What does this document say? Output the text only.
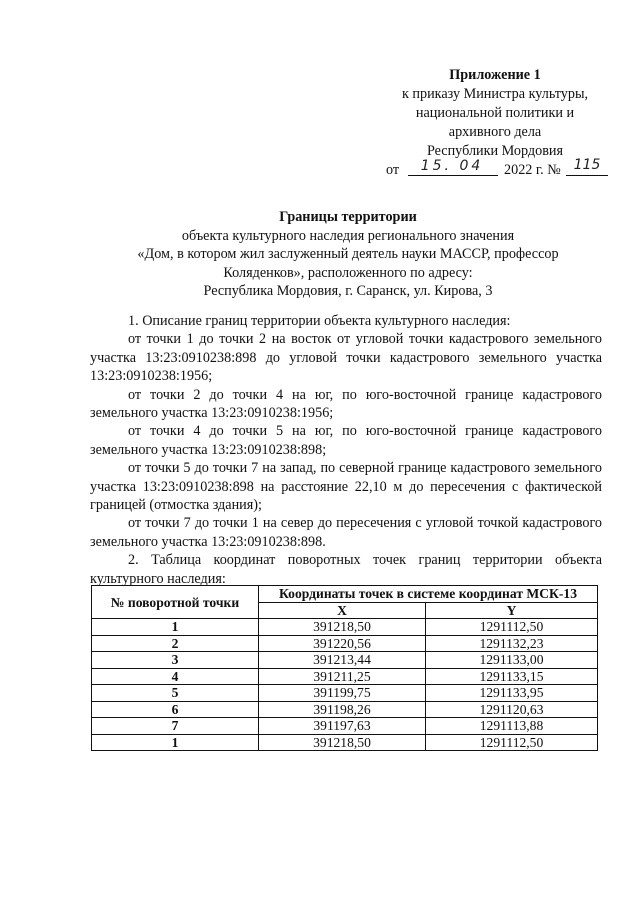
Приложение 1
к приказу Министра культуры,
национальной политики и
архивного дела
Республики Мордовия
от	15. 04	2022 г. № 115
Границы территории
объекта культурного наследия регионального значения
«Дом, в котором жил заслуженный деятель науки МАССР, профессор
Коляденков», расположенного по адресу:
Республика Мордовия, г. Саранск, ул. Кирова, 3

1. Описание границ территории объекта культурного наследия:

от точки 1 до точки 2 на восток от угловой точки кадастрового земельного участка 13:23:0910238:898 до угловой точки кадастрового земельного участка 13:23:0910238:1956;

от точки 2 до точки 4 на юг, по юго-восточной границе кадастрового земельного участка 13:23:0910238:1956;

от точки 4 до точки 5 на юг, по юго-восточной границе кадастрового земельного участка 13:23:0910238:898;

от точки 5 до точки 7 на запад, по северной границе кадастрового земельного участка 13:23:0910238:898 на расстояние 22,10 м до пересечения с фактической границей (отмостка здания);

от точки 7 до точки 1 на север до пересечения с угловой точкой кадастрового земельного участка 13:23:0910238:898.

2. Таблица координат поворотных точек границ территории объекта культурного наследия:

№ поворотной точки	Координаты точек в системе координат МСК-13	
	X	Y
1	391218,50	1291112,50
2	391220,56	1291132,23
3	391213,44	1291133,00
4	391211,25	1291133,15
5	391199,75	1291133,95
6	391198,26	1291120,63
7	391197,63	1291113,88
1	391218,50	1291112,50
